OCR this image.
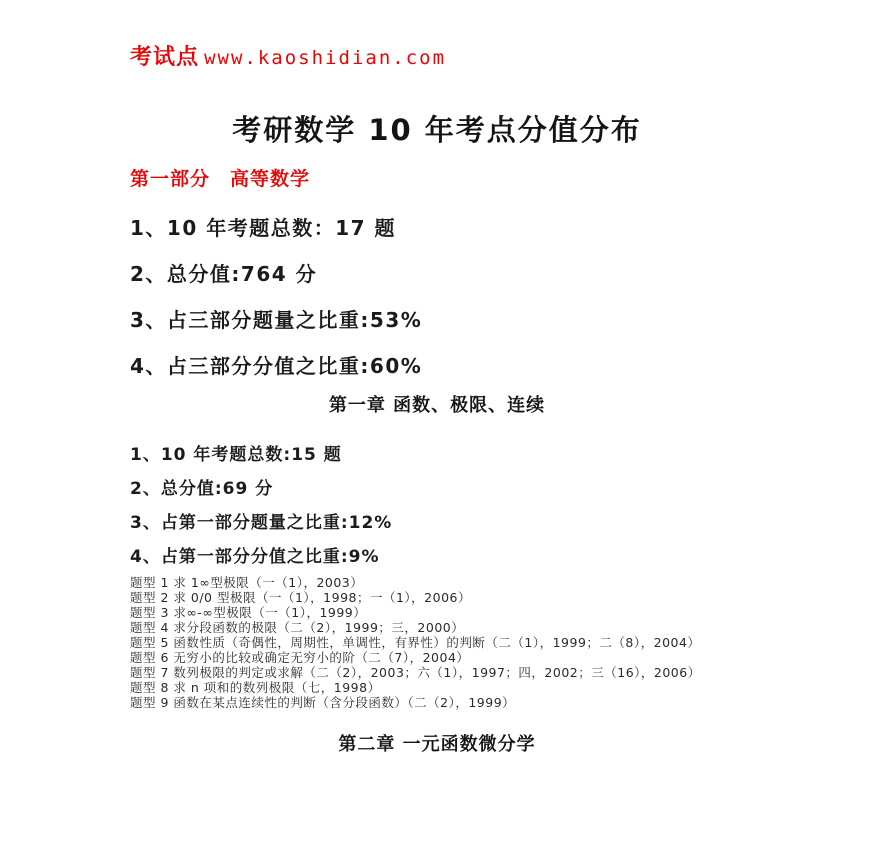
考试点 www.kaoshidian.com
考研数学 10 年考点分值分布
第一部分　高等数学
1、10 年考题总数：17 题
2、总分值:764 分
3、占三部分题量之比重:53%
4、占三部分分值之比重:60%
第一章 函数、极限、连续
1、10 年考题总数:15 题
2、总分值:69 分
3、占第一部分题量之比重:12%
4、占第一部分分值之比重:9%
题型 1 求 1∞型极限（一（1），2003）
题型 2 求 0/0 型极限（一（1），1998；一（1），2006）
题型 3 求∞-∞型极限（一（1），1999）
题型 4 求分段函数的极限（二（2），1999；三，2000）
题型 5 函数性质（奇偶性，周期性，单调性，有界性）的判断（二（1），1999；二（8），2004）
题型 6 无穷小的比较或确定无穷小的阶（二（7），2004）
题型 7 数列极限的判定或求解（二（2），2003；六（1），1997；四，2002；三（16），2006）
题型 8 求 n 项和的数列极限（七，1998）
题型 9 函数在某点连续性的判断（含分段函数）（二（2），1999）
第二章 一元函数微分学
